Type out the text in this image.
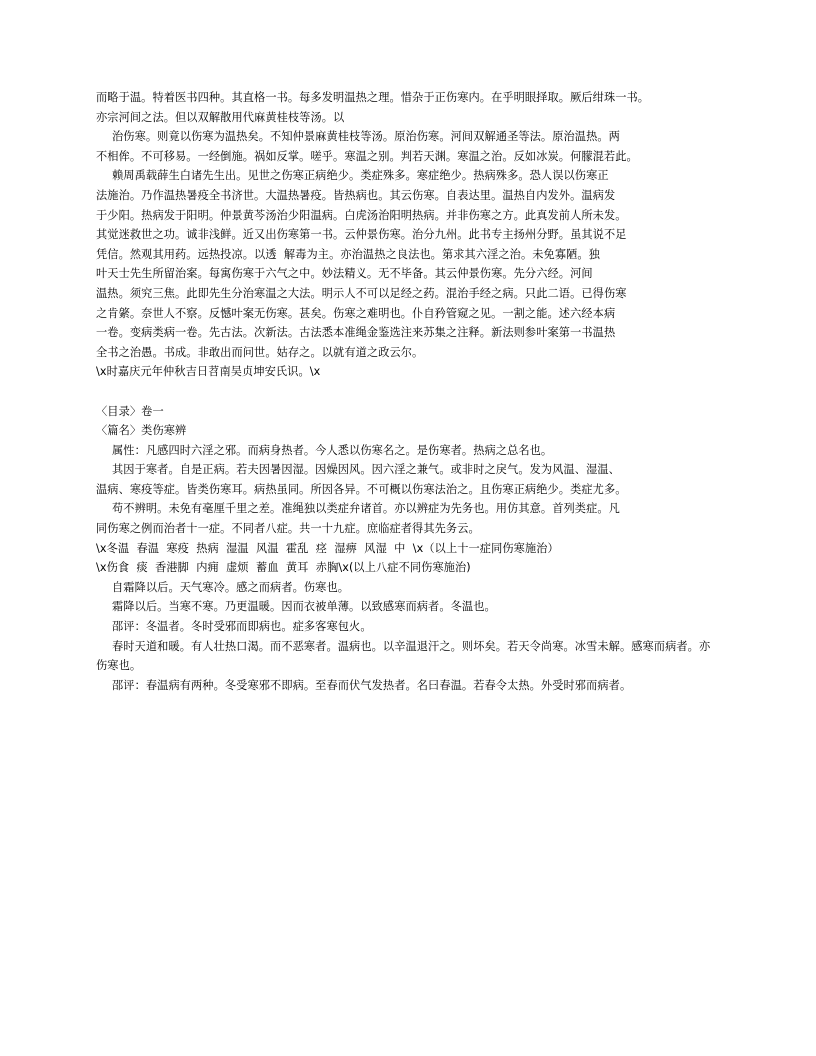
而略于温。特着医书四种。其直格一书。每多发明温热之理。惜杂于正伤寒内。在乎明眼择取。厥后绀珠一书。

亦宗河间之法。但以双解散用代麻黄桂枝等汤。以

治伤寒。则竟以伤寒为温热矣。不知仲景麻黄桂枝等汤。原治伤寒。河间双解通圣等法。原治温热。两

不相侔。不可移易。一经倒施。祸如反掌。嗟乎。寒温之别。判若天渊。寒温之治。反如冰炭。何朦混若此。

赖周禹载薛生白诸先生出。见世之伤寒正病绝少。类症殊多。寒症绝少。热病殊多。恐人误以伤寒正

法施治。乃作温热暑疫全书济世。大温热暑疫。皆热病也。其云伤寒。自表达里。温热自内发外。温病发

于少阳。热病发于阳明。仲景黄芩汤治少阳温病。白虎汤治阳明热病。并非伤寒之方。此真发前人所未发。

其觉迷救世之功。诚非浅鲜。近又出伤寒第一书。云仲景伤寒。治分九州。此书专主扬州分野。虽其说不足

凭信。然观其用药。远热投凉。以透  解毒为主。亦治温热之良法也。第求其六淫之治。未免寡陋。独

叶天士先生所留治案。每寓伤寒于六气之中。妙法精义。无不毕备。其云仲景伤寒。先分六经。河间

温热。须究三焦。此即先生分治寒温之大法。明示人不可以足经之药。混治手经之病。只此二语。已得伤寒

之肯綮。奈世人不察。反憾叶案无伤寒。甚矣。伤寒之难明也。仆自矜管窥之见。一割之能。述六经本病

一卷。变病类病一卷。先古法。次新法。古法悉本准绳金鉴选注来苏集之注释。新法则参叶案第一书温热

全书之治愚。书成。非敢出而问世。姑存之。以就有道之政云尔。

\x时嘉庆元年仲秋吉日苕南吴贞坤安氏识。\x

〈目录〉卷一

〈篇名〉类伤寒辨

属性：凡感四时六淫之邪。而病身热者。今人悉以伤寒名之。是伤寒者。热病之总名也。

其因于寒者。自是正病。若夫因暑因湿。因燥因风。因六淫之兼气。或非时之戾气。发为风温、湿温、

温病、寒疫等症。皆类伤寒耳。病热虽同。所因各异。不可概以伤寒法治之。且伤寒正病绝少。类症尤多。

苟不辨明。未免有毫厘千里之差。准绳独以类症弁诸首。亦以辨症为先务也。用仿其意。首列类症。凡

同伤寒之例而治者十一症。不同者八症。共一十九症。庶临症者得其先务云。

\x冬温  春温  寒疫  热病  湿温  风温  霍乱  痉  湿痹  风湿  中  \x（以上十一症同伤寒施治）

\x伤食  痰  香港脚  内痈  虚烦  蓄血  黄耳  赤胸\x(以上八症不同伤寒施治)

自霜降以后。天气寒冷。感之而病者。伤寒也。

霜降以后。当寒不寒。乃更温暖。因而衣被单薄。以致感寒而病者。冬温也。

邵评：冬温者。冬时受邪而即病也。症多客寒包火。

春时天道和暖。有人壮热口渴。而不恶寒者。温病也。以辛温退汗之。则坏矣。若天令尚寒。冰雪未解。感寒而病者。亦伤寒也。

邵评：春温病有两种。冬受寒邪不即病。至春而伏气发热者。名曰春温。若春令太热。外受时邪而病者。
